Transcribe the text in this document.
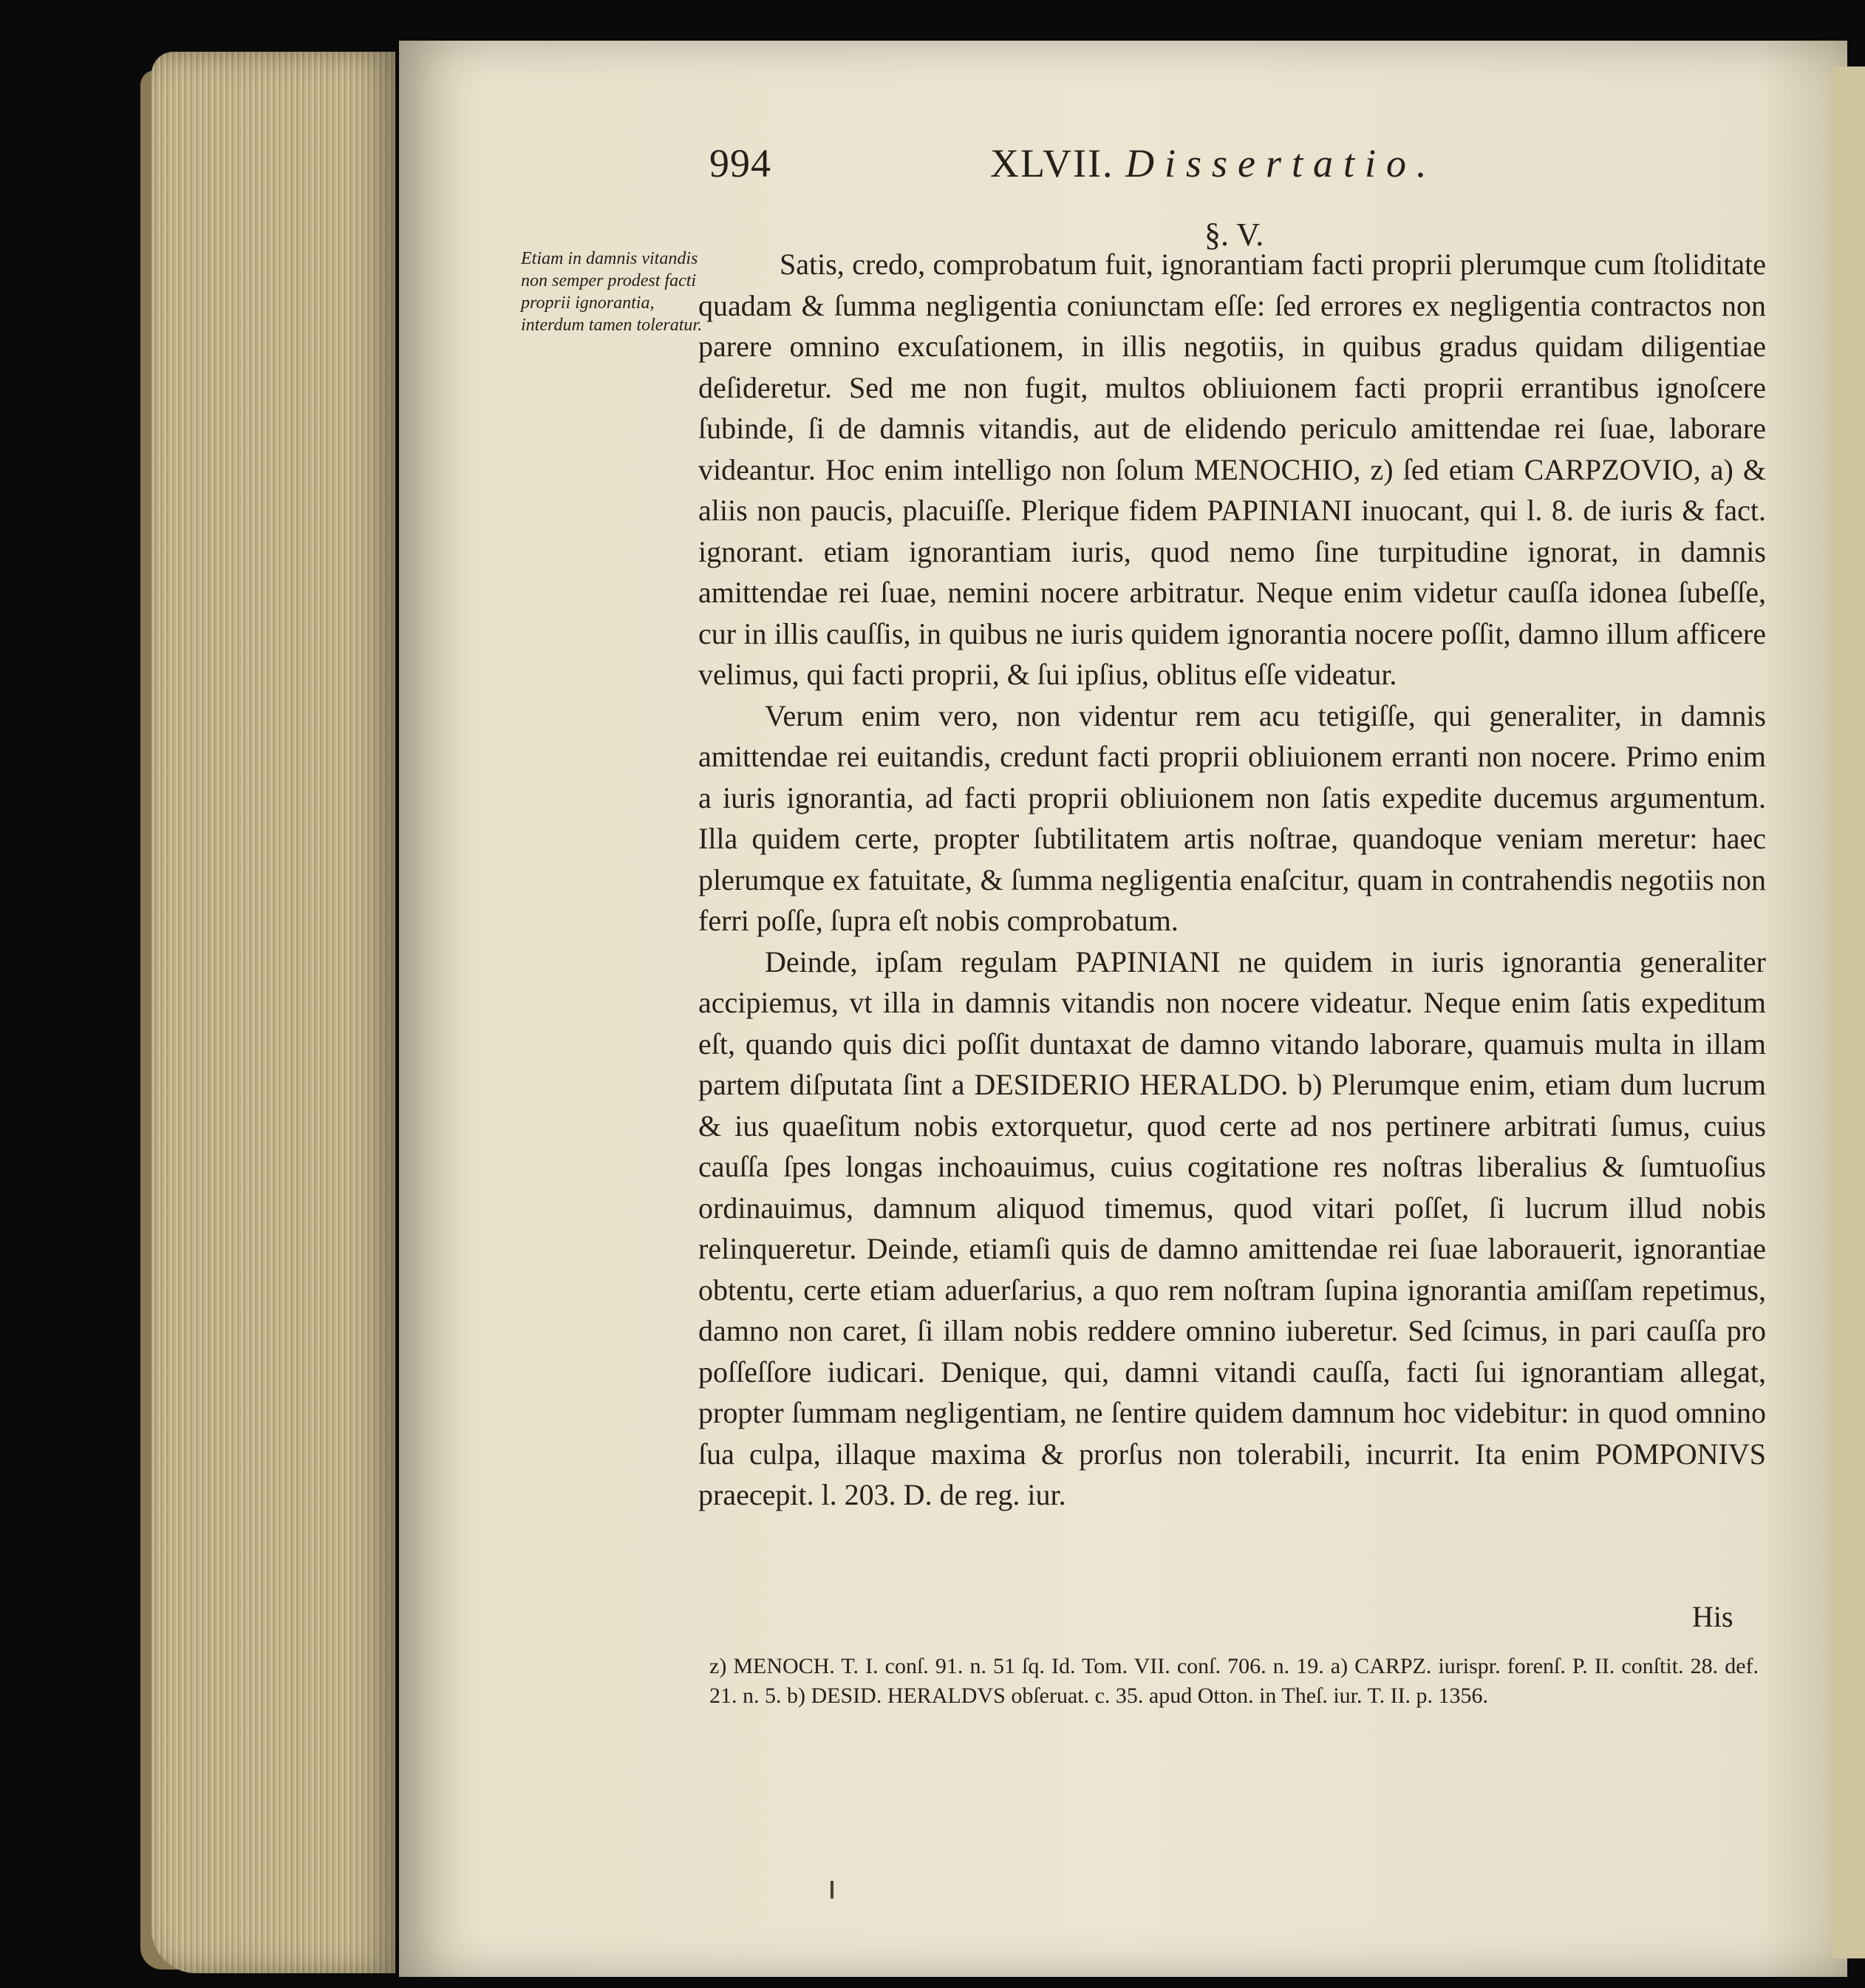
994	XLVII. Dissertatio.
§. V.
Etiam in damnis vitandis non semper prodest facti proprii ignorantia, interdum tamen toleratur.

Satis, credo, comprobatum fuit, ignorantiam facti proprii plerumque cum ſtoliditate quadam & ſumma negligentia coniunctam eſſe: ſed errores ex negligentia contractos non parere omnino excuſationem, in illis negotiis, in quibus gradus quidam diligentiae deſideretur. Sed me non fugit, multos obliuionem facti proprii errantibus ignoſcere ſubinde, ſi de damnis vitandis, aut de elidendo periculo amittendae rei ſuae, laborare videantur. Hoc enim intelligo non ſolum MENOCHIO, z) ſed etiam CARPZOVIO, a) & aliis non paucis, placuiſſe. Plerique fidem PAPINIANI inuocant, qui l. 8. de iuris & fact. ignorant. etiam ignorantiam iuris, quod nemo ſine turpitudine ignorat, in damnis amittendae rei ſuae, nemini nocere arbitratur. Neque enim videtur cauſſa idonea ſubeſſe, cur in illis cauſſis, in quibus ne iuris quidem ignorantia nocere poſſit, damno illum afficere velimus, qui facti proprii, & ſui ipſius, oblitus eſſe videatur.

Verum enim vero, non videntur rem acu tetigiſſe, qui generaliter, in damnis amittendae rei euitandis, credunt facti proprii obliuionem erranti non nocere. Primo enim a iuris ignorantia, ad facti proprii obliuionem non ſatis expedite ducemus argumentum. Illa quidem certe, propter ſubtilitatem artis noſtrae, quandoque veniam meretur: haec plerumque ex fatuitate, & ſumma negligentia enaſcitur, quam in contrahendis negotiis non ferri poſſe, ſupra eſt nobis comprobatum.

Deinde, ipſam regulam PAPINIANI ne quidem in iuris ignorantia generaliter accipiemus, vt illa in damnis vitandis non nocere videatur. Neque enim ſatis expeditum eſt, quando quis dici poſſit duntaxat de damno vitando laborare, quamuis multa in illam partem diſputata ſint a DESIDERIO HERALDO. b) Plerumque enim, etiam dum lucrum & ius quaeſitum nobis extorquetur, quod certe ad nos pertinere arbitrati ſumus, cuius cauſſa ſpes longas inchoauimus, cuius cogitatione res noſtras liberalius & ſumtuoſius ordinauimus, damnum aliquod timemus, quod vitari poſſet, ſi lucrum illud nobis relinqueretur. Deinde, etiamſi quis de damno amittendae rei ſuae laborauerit, ignorantiae obtentu, certe etiam aduerſarius, a quo rem noſtram ſupina ignorantia amiſſam repetimus, damno non caret, ſi illam nobis reddere omnino iuberetur. Sed ſcimus, in pari cauſſa pro poſſeſſore iudicari. Denique, qui, damni vitandi cauſſa, facti ſui ignorantiam allegat, propter ſummam negligentiam, ne ſentire quidem damnum hoc videbitur: in quod omnino ſua culpa, illaque maxima & prorſus non tolerabili, incurrit. Ita enim POMPONIVS praecepit. l. 203. D. de reg. iur.

His
z) MENOCH. T. I. conſ. 91. n. 51 ſq. Id. Tom. VII. conſ. 706. n. 19. a) CARPZ. iurispr. forenſ. P. II. conſtit. 28. def. 21. n. 5. b) DESID. HERALDVS obſeruat. c. 35. apud Otton. in Theſ. iur. T. II. p. 1356.
